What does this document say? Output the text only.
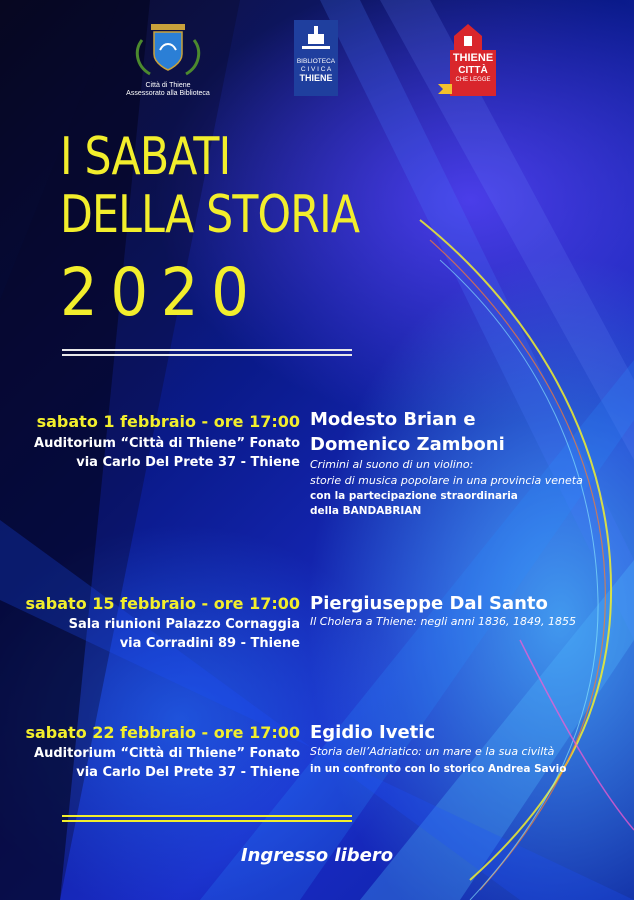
Città di Thiene
Assessorato alla Biblioteca
BIBLIOTECA
C I V I C A
THIENE
THIENE
CITTÀ
CHE LEGGE
I SABATI
DELLA STORIA
2020
sabato 1 febbraio - ore 17:00
Auditorium “Città di Thiene” Fonato
via Carlo Del Prete 37 - Thiene
Modesto Brian e
Domenico Zamboni
Crimini al suono di un violino:
storie di musica popolare in una provincia veneta
con la partecipazione straordinaria
della BANDABRIAN
sabato 15 febbraio - ore 17:00
Sala riunioni Palazzo Cornaggia
via Corradini 89 - Thiene
Piergiuseppe Dal Santo
Il Cholera a Thiene: negli anni 1836, 1849, 1855
sabato 22 febbraio - ore 17:00
Auditorium “Città di Thiene” Fonato
via Carlo Del Prete 37 - Thiene
Egidio Ivetic
Storia dell’Adriatico: un mare e la sua civiltà
in un confronto con lo storico Andrea Savio
Ingresso libero
